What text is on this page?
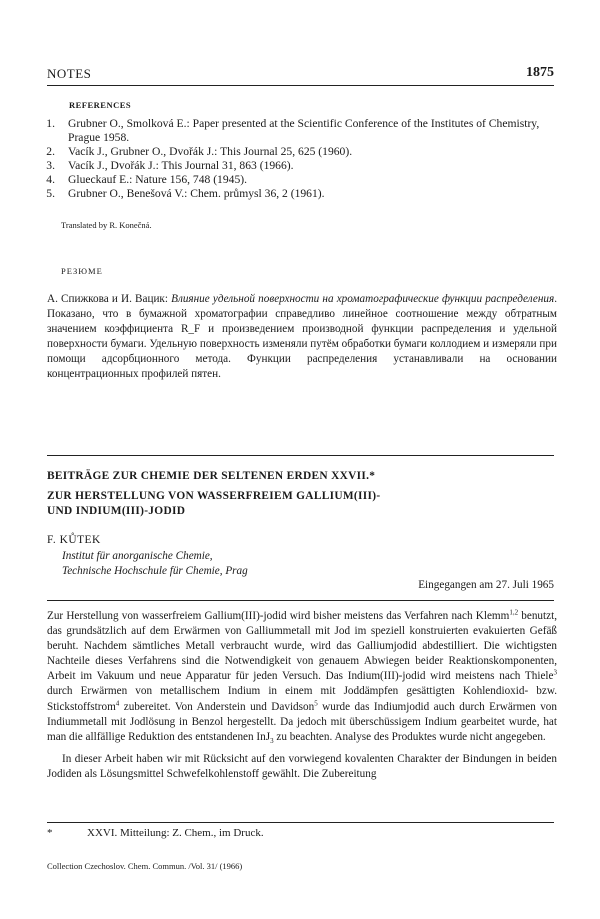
NOTES	1875
REFERENCES
1. Grubner O., Smolková E.: Paper presented at the Scientific Conference of the Institutes of Chemistry, Prague 1958.
2. Vacík J., Grubner O., Dvořák J.: This Journal 25, 625 (1960).
3. Vacík J., Dvořák J.: This Journal 31, 863 (1966).
4. Glueckauf E.: Nature 156, 748 (1945).
5. Grubner O., Benešová V.: Chem. průmysl 36, 2 (1961).
Translated by R. Konečná.
РЕЗЮМЕ

А. Спижкова и И. Вацик: Влияние удельной поверхности на хроматографические функции распределения. Показано, что в бумажной хроматографии справедливо линейное соотношение между обтратным значением коэффициента R_F и произведением производной функции распределения и удельной поверхности бумаги. Удельную поверхность изменяли путём обработки бумаги коллодием и измеряли при помощи адсорбционного метода. Функции распределения устанавливали на основании концентрационных профилей пятен.

BEITRÄGE ZUR CHEMIE DER SELTENEN ERDEN XXVII.*
ZUR HERSTELLUNG VON WASSERFREIEM GALLIUM(III)-
UND INDIUM(III)-JODID
F. KŮTEK
Institut für anorganische Chemie,
Technische Hochschule für Chemie, Prag
Eingegangen am 27. Juli 1965

Zur Herstellung von wasserfreiem Gallium(III)-jodid wird bisher meistens das Verfahren nach Klemm$^{1,2}$ benutzt, das grundsätzlich auf dem Erwärmen von Galliummetall mit Jod im speziell konstruierten evakuierten Gefäß beruht. Nachdem sämtliches Metall verbraucht wurde, wird das Galliumjodid abdestilliert. Die wichtigsten Nachteile dieses Verfahrens sind die Notwendigkeit von genauem Abwiegen beider Reaktionskomponenten, Arbeit im Vakuum und neue Apparatur für jeden Versuch. Das Indium(III)-jodid wird meistens nach Thiele$^3$ durch Erwärmen von metallischem Indium in einem mit Joddämpfen gesättigten Kohlendioxid- bzw. Stickstoffstrom$^4$ zubereitet. Von Anderstein und Davidson$^5$ wurde das Indiumjodid auch durch Erwärmen von Indiummetall mit Jodlösung in Benzol hergestellt. Da jedoch mit überschüssigem Indium gearbeitet wurde, hat man die allfällige Reduktion des entstandenen InJ$_3$ zu beachten. Analyse des Produktes wurde nicht angegeben.

In dieser Arbeit haben wir mit Rücksicht auf den vorwiegend kovalenten Charakter der Bindungen in beiden Jodiden als Lösungsmittel Schwefelkohlenstoff gewählt. Die Zubereitung

*	XXVI. Mitteilung: Z. Chem., im Druck.
Collection Czechoslov. Chem. Commun. /Vol. 31/ (1966)
